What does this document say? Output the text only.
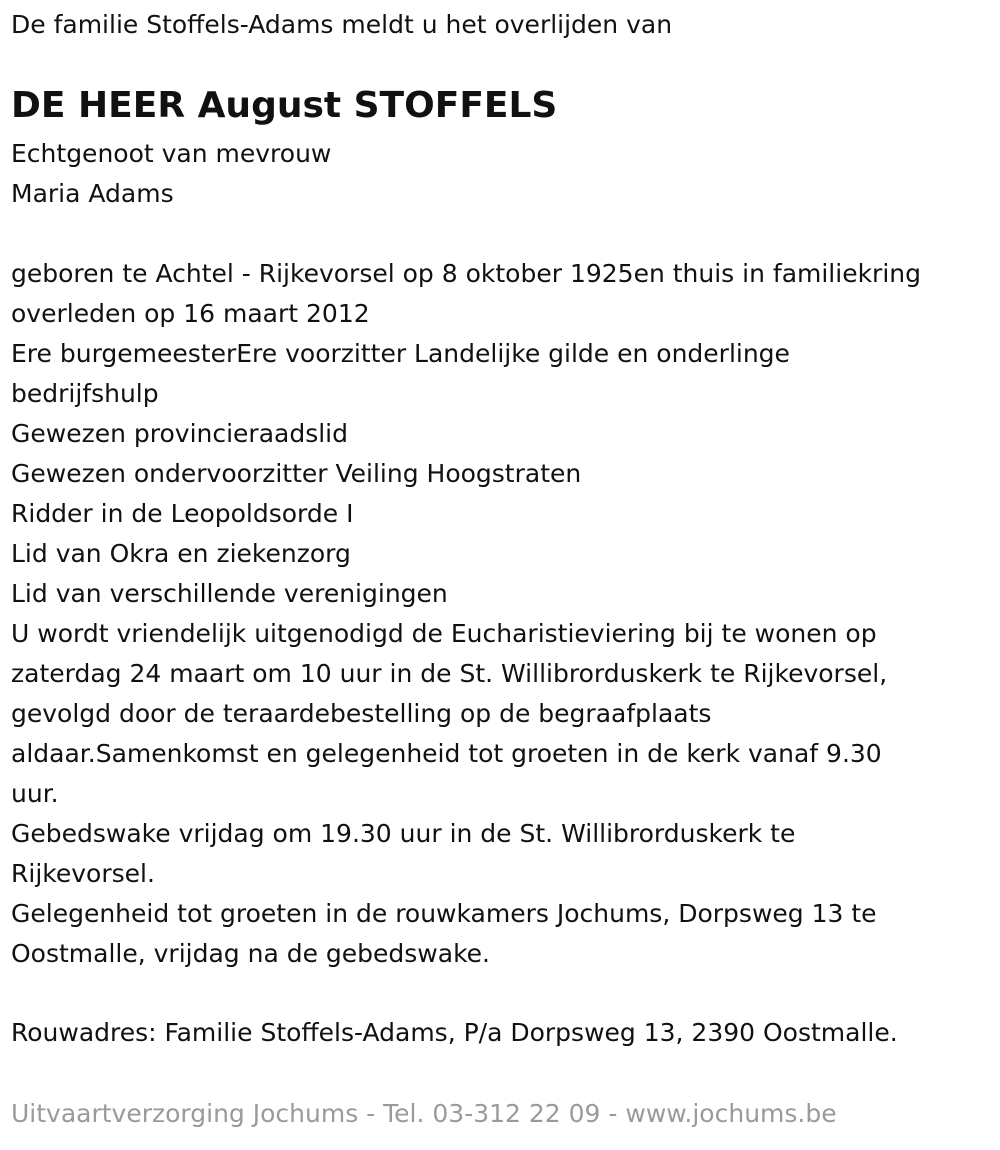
De familie Stoffels-Adams meldt u het overlijden van
DE HEER August STOFFELS
Echtgenoot van mevrouw
Maria Adams
geboren te Achtel - Rijkevorsel op 8 oktober 1925en thuis in familiekring
overleden op 16 maart 2012
Ere burgemeesterEre voorzitter Landelijke gilde en onderlinge
bedrijfshulp
Gewezen provincieraadslid
Gewezen ondervoorzitter Veiling Hoogstraten
Ridder in de Leopoldsorde I
Lid van Okra en ziekenzorg
Lid van verschillende verenigingen
U wordt vriendelijk uitgenodigd de Eucharistieviering bij te wonen op
zaterdag 24 maart om 10 uur in de St. Willibrorduskerk te Rijkevorsel,
gevolgd door de teraardebestelling op de begraafplaats
aldaar.Samenkomst en gelegenheid tot groeten in de kerk vanaf 9.30
uur.
Gebedswake vrijdag om 19.30 uur in de St. Willibrorduskerk te
Rijkevorsel.
Gelegenheid tot groeten in de rouwkamers Jochums, Dorpsweg 13 te
Oostmalle, vrijdag na de gebedswake.
Rouwadres: Familie Stoffels-Adams, P/a Dorpsweg 13, 2390 Oostmalle.
Uitvaartverzorging Jochums - Tel. 03-312 22 09 - www.jochums.be
